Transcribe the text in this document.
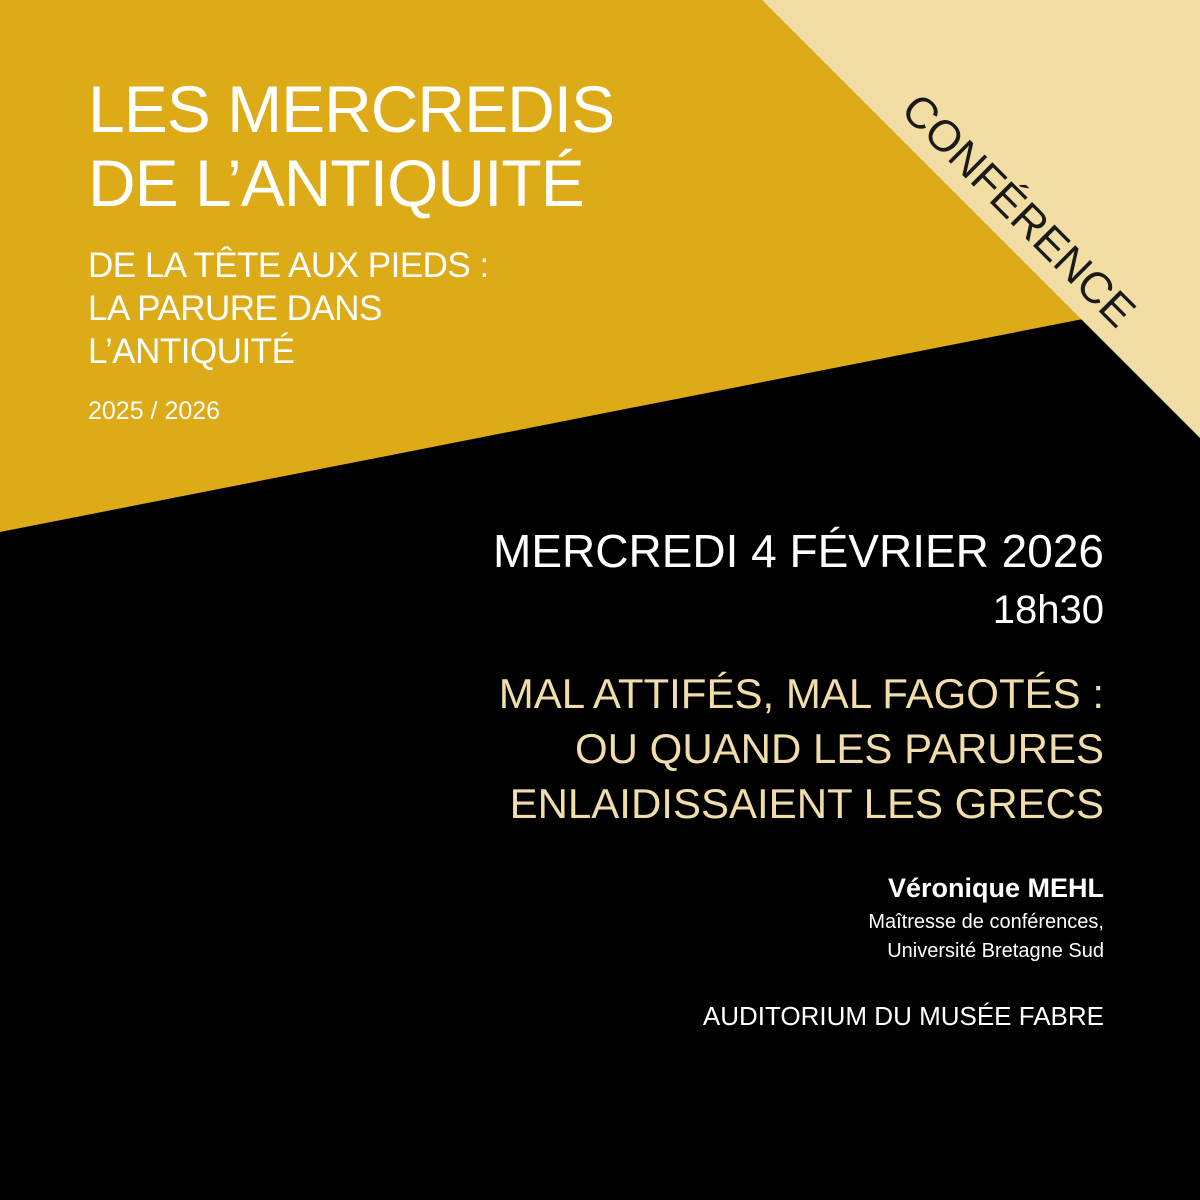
LES MERCREDIS
DE L’ANTIQUITÉ
DE LA TÊTE AUX PIEDS :
LA PARURE DANS
L’ANTIQUITÉ
2025 / 2026
CONFÉRENCE
MERCREDI 4 FÉVRIER 2026
18h30
MAL ATTIFÉS, MAL FAGOTÉS :
OU QUAND LES PARURES
ENLAIDISSAIENT LES GRECS
Véronique MEHL
Maîtresse de conférences,
Université Bretagne Sud
AUDITORIUM DU MUSÉE FABRE
